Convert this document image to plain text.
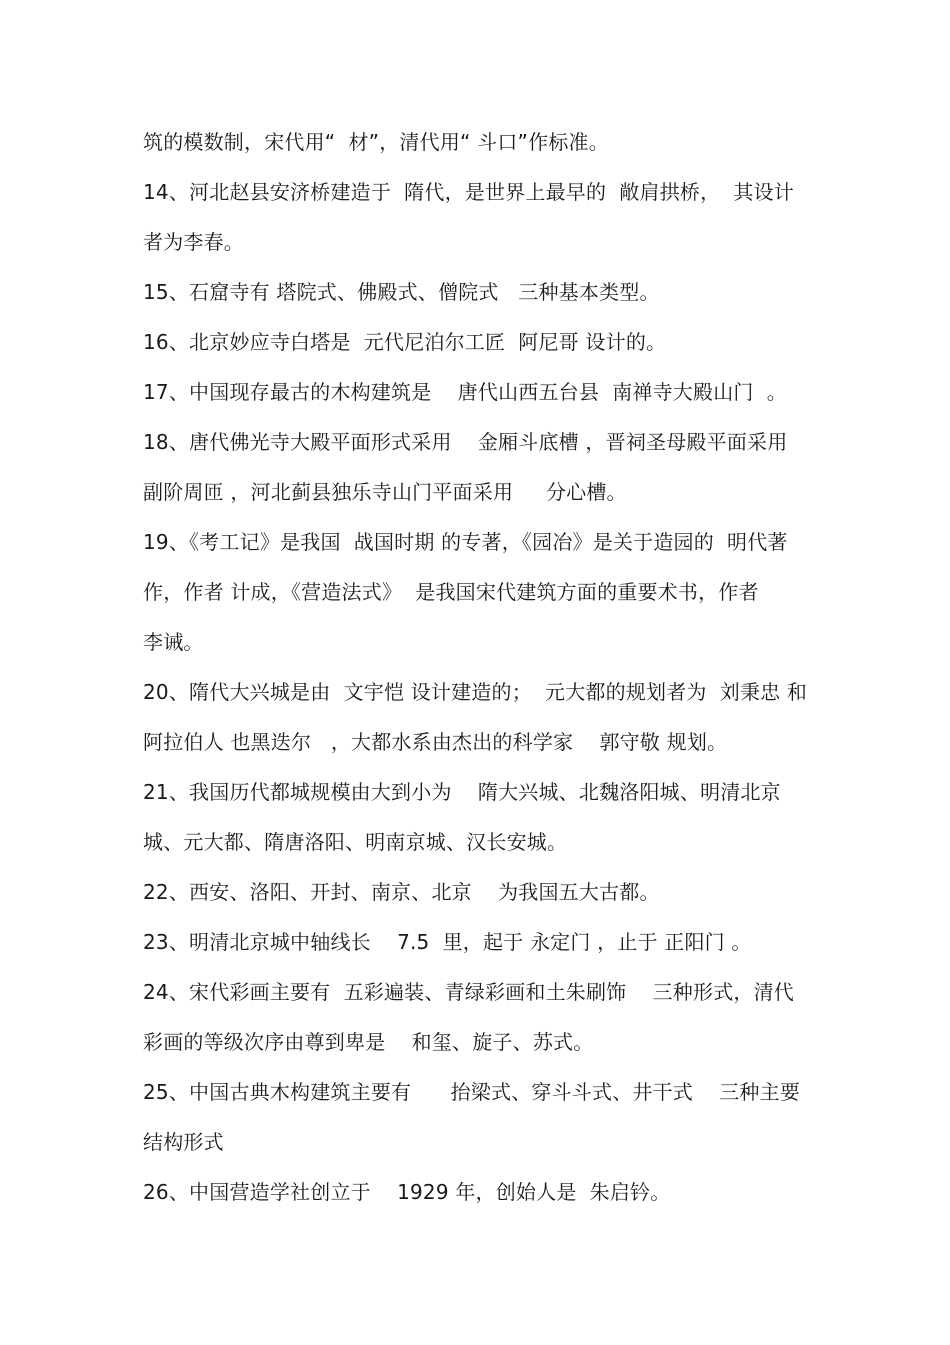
筑的模数制，宋代用“  材”，清代用“ 斗口”作标准。
14、河北赵县安济桥建造于  隋代，是世界上最早的  敞肩拱桥，  其设计
者为李春。
15、石窟寺有 塔院式、佛殿式、僧院式   三种基本类型。
16、北京妙应寺白塔是  元代尼泊尔工匠  阿尼哥 设计的。
17、中国现存最古的木构建筑是    唐代山西五台县  南禅寺大殿山门  。
18、唐代佛光寺大殿平面形式采用    金厢斗底槽 ，晋祠圣母殿平面采用
副阶周匝 ，河北蓟县独乐寺山门平面采用     分心槽。
19、《考工记》是我国  战国时期 的专著，《园冶》是关于造园的  明代著
作，作者 计成，《营造法式》  是我国宋代建筑方面的重要术书，作者
李诫。
20、隋代大兴城是由  文宇恺 设计建造的；  元大都的规划者为  刘秉忠 和
阿拉伯人 也黑迭尔   ，大都水系由杰出的科学家    郭守敬 规划。
21、我国历代都城规模由大到小为    隋大兴城、北魏洛阳城、明清北京
城、元大都、隋唐洛阳、明南京城、汉长安城。
22、西安、洛阳、开封、南京、北京    为我国五大古都。
23、明清北京城中轴线长    7.5  里，起于 永定门 ，止于 正阳门 。
24、宋代彩画主要有  五彩遍装、青绿彩画和土朱刷饰    三种形式，清代
彩画的等级次序由尊到卑是    和玺、旋子、苏式。
25、中国古典木构建筑主要有      抬梁式、穿斗斗式、井干式    三种主要
结构形式
26、中国营造学社创立于    1929 年，创始人是  朱启钤。
